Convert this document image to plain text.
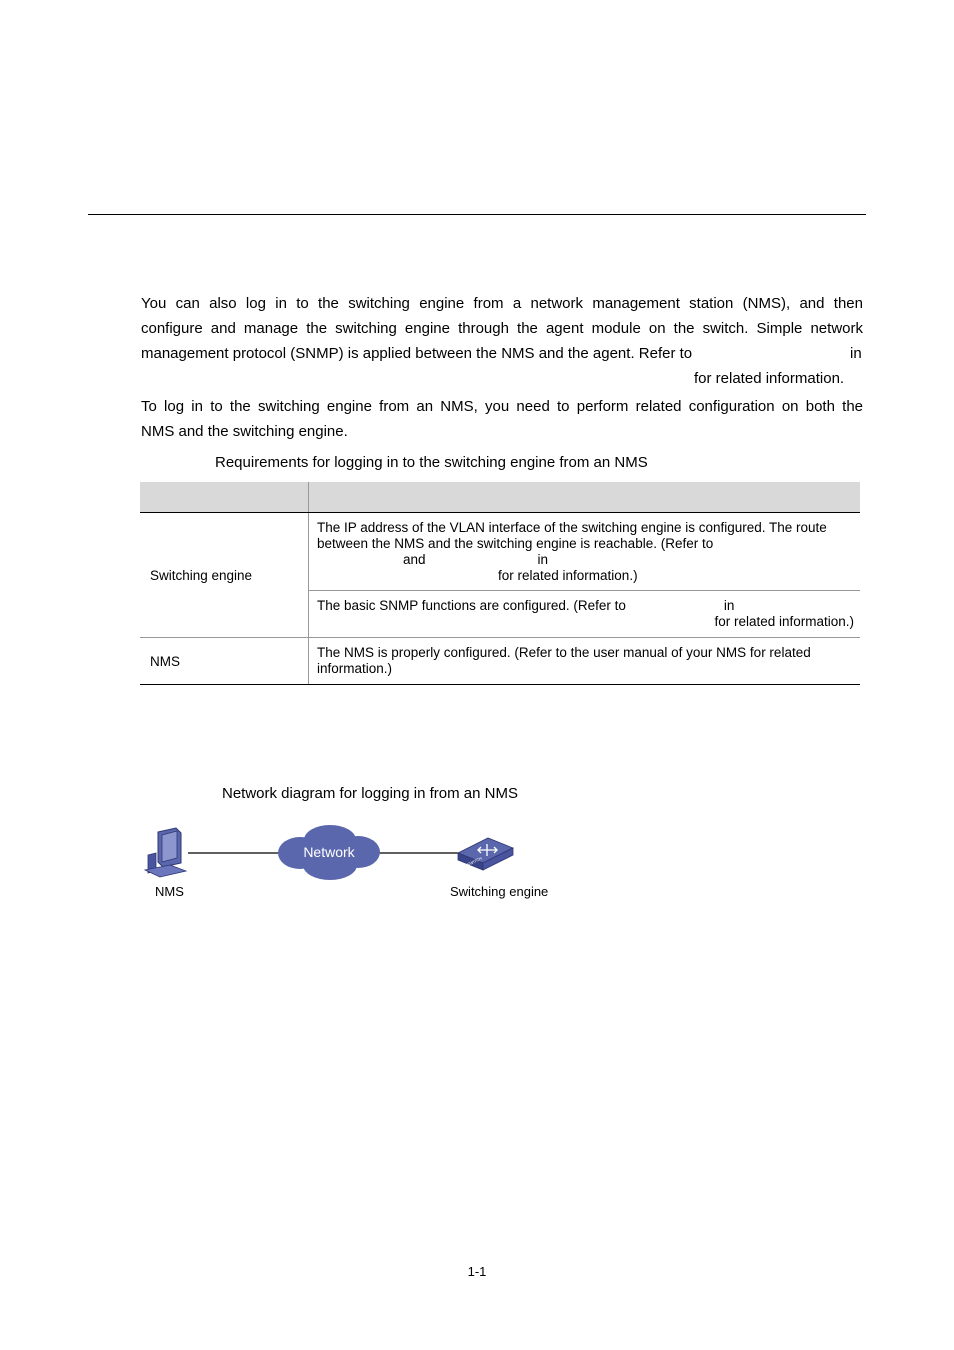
You can also log in to the switching engine from a network management station (NMS), and then
configure and manage the switching engine through the agent module on the switch. Simple network
management protocol (SNMP) is applied between the NMS and the agent. Refer to	in
for related information.
To log in to the switching engine from an NMS, you need to perform related configuration on both the
NMS and the switching engine.
Requirements for logging in to the switching engine from an NMS

Switching engine	The IP address of the VLAN interface of the switching engine is configured. The route
between the NMS and the switching engine is reachable. (Refer to
and in
for related information.)

	The basic SNMP functions are configured. (Refer to in
for related information.)

NMS	The NMS is properly configured. (Refer to the user manual of your NMS for related
information.)
Network diagram for logging in from an NMS
Network
SWITCH
NMS	Switching engine
1-1
